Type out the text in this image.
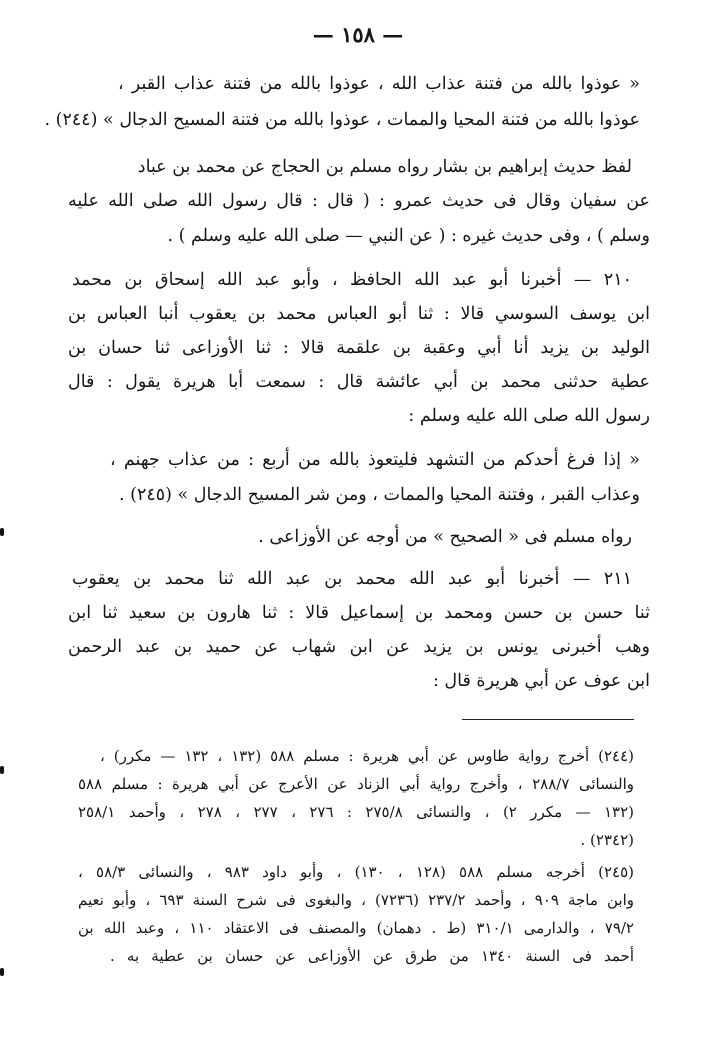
— ١٥٨ —
« عوذوا بالله من فتنة عذاب الله ، عوذوا بالله من فتنة عذاب القبر ،
عوذوا بالله من فتنة المحيا والممات ، عوذوا بالله من فتنة المسيح الدجال » (٢٤٤) .
لفظ حديث إبراهيم بن بشار رواه مسلم بن الحجاج عن محمد بن عباد
عن سفيان وقال فى حديث عمرو : ( قال : قال رسول الله صلى الله عليه
وسلم ) ، وفى حديث غيره : ( عن النبي — صلى الله عليه وسلم ) .
٢١٠ — أخبرنا أبو عبد الله الحافظ ، وأبو عبد الله إسحاق بن محمد
ابن يوسف السوسي قالا : ثنا أبو العباس محمد بن يعقوب أنبا العباس بن
الوليد بن يزيد أنا أبي وعقبة بن علقمة قالا : ثنا الأوزاعى ثنا حسان بن
عطية حدثنى محمد بن أبي عائشة قال : سمعت أبا هريرة يقول : قال
رسول الله صلى الله عليه وسلم :
« إذا فرغ أحدكم من التشهد فليتعوذ بالله من أربع : من عذاب جهنم ،
وعذاب القبر ، وفتنة المحيا والممات ، ومن شر المسيح الدجال » (٢٤٥) .
رواه مسلم فى « الصحيح » من أوجه عن الأوزاعى .
٢١١ — أخبرنا أبو عبد الله محمد بن عبد الله ثنا محمد بن يعقوب
ثنا حسن بن حسن ومحمد بن إسماعيل قالا : ثنا هارون بن سعيد ثنا ابن
وهب أخبرنى يونس بن يزيد عن ابن شهاب عن حميد بن عبد الرحمن
ابن عوف عن أبي هريرة قال :
(٢٤٤) أخرج رواية طاوس عن أبي هريرة : مسلم ٥٨٨ (١٣٢ ، ١٣٢ — مكرر) ،
والنسائى ٢٨٨/٧ ، وأخرج رواية أبي الزناد عن الأعرج عن أبي هريرة : مسلم ٥٨٨
(١٣٢ — مكرر ٢) ، والنسائى ٢٧٥/٨ : ٢٧٦ ، ٢٧٧ ، ٢٧٨ ، وأحمد ٢٥٨/١
(٢٣٤٢) .
(٢٤٥) أخرجه مسلم ٥٨٨ (١٢٨ ، ١٣٠) ، وأبو داود ٩٨٣ ، والنسائى ٥٨/٣ ،
وابن ماجة ٩٠٩ ، وأحمد ٢٣٧/٢ (٧٢٣٦) ، والبغوى فى شرح السنة ٦٩٣ ، وأبو نعيم
٧٩/٢ ، والدارمى ٣١٠/١ (ط . دهمان) والمصنف فى الاعتقاد ١١٠ ، وعبد الله بن
أحمد فى السنة ١٣٤٠ من طرق عن الأوزاعى عن حسان بن عطية به .
